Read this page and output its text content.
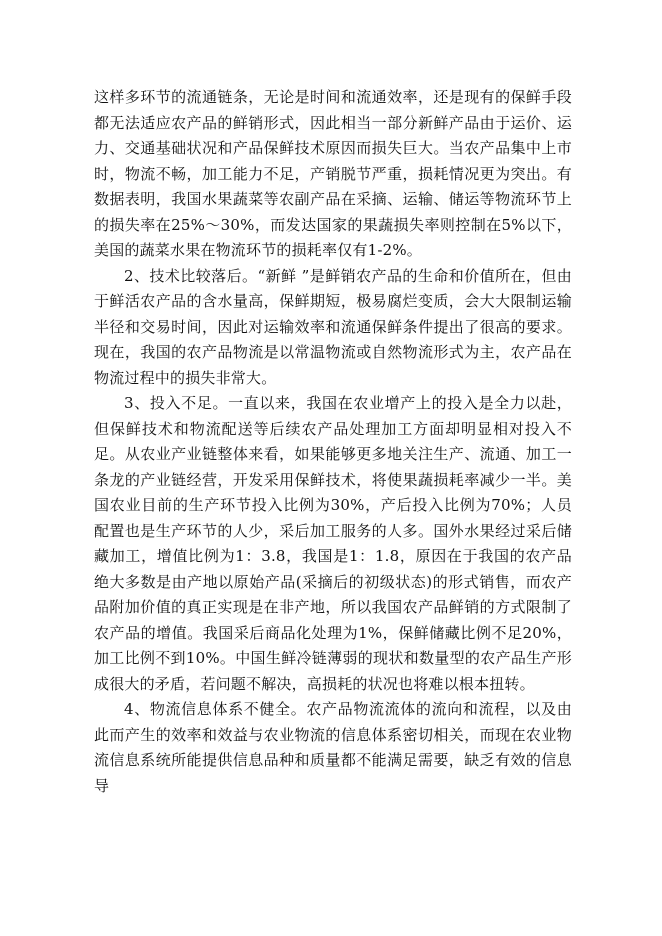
这样多环节的流通链条，无论是时间和流通效率，还是现有的保鲜手段都无法适应农产品的鲜销形式，因此相当一部分新鲜产品由于运价、运力、交通基础状况和产品保鲜技术原因而损失巨大。当农产品集中上市时，物流不畅，加工能力不足，产销脱节严重，损耗情况更为突出。有数据表明，我国水果蔬菜等农副产品在采摘、运输、储运等物流环节上的损失率在25%～30%，而发达国家的果蔬损失率则控制在5%以下，美国的蔬菜水果在物流环节的损耗率仅有1-2%。

2、技术比较落后。“新鲜 ”是鲜销农产品的生命和价值所在，但由于鲜活农产品的含水量高，保鲜期短，极易腐烂变质，会大大限制运输半径和交易时间，因此对运输效率和流通保鲜条件提出了很高的要求。现在，我国的农产品物流是以常温物流或自然物流形式为主，农产品在物流过程中的损失非常大。

3、投入不足。一直以来，我国在农业增产上的投入是全力以赴，但保鲜技术和物流配送等后续农产品处理加工方面却明显相对投入不足。从农业产业链整体来看，如果能够更多地关注生产、流通、加工一条龙的产业链经营，开发采用保鲜技术，将使果蔬损耗率减少一半。美国农业目前的生产环节投入比例为30%，产后投入比例为70%；人员配置也是生产环节的人少，采后加工服务的人多。国外水果经过采后储藏加工，增值比例为1：3.8，我国是1：1.8，原因在于我国的农产品绝大多数是由产地以原始产品(采摘后的初级状态)的形式销售，而农产品附加价值的真正实现是在非产地，所以我国农产品鲜销的方式限制了农产品的增值。我国采后商品化处理为1%，保鲜储藏比例不足20%，加工比例不到10%。中国生鲜冷链薄弱的现状和数量型的农产品生产形成很大的矛盾，若问题不解决，高损耗的状况也将难以根本扭转。

4、物流信息体系不健全。农产品物流流体的流向和流程，以及由此而产生的效率和效益与农业物流的信息体系密切相关，而现在农业物流信息系统所能提供信息品种和质量都不能满足需要，缺乏有效的信息导
